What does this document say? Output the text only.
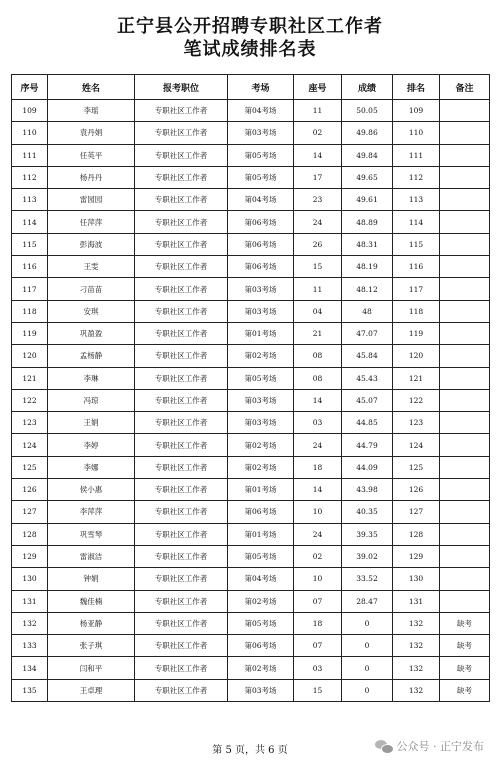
正宁县公开招聘专职社区工作者
笔试成绩排名表
序号	姓名	报考职位	考场	座号	成绩	排名	备注
109	李瑶	专职社区工作者	第04考场	11	50.05	109	
110	袁丹娟	专职社区工作者	第03考场	02	49.86	110	
111	任英平	专职社区工作者	第05考场	14	49.84	111	
112	杨丹丹	专职社区工作者	第05考场	17	49.65	112	
113	雷园园	专职社区工作者	第04考场	23	49.61	113	
114	任萍萍	专职社区工作者	第06考场	24	48.89	114	
115	彭海波	专职社区工作者	第06考场	26	48.31	115	
116	王雯	专职社区工作者	第06考场	15	48.19	116	
117	刁苗苗	专职社区工作者	第03考场	11	48.12	117	
118	安琪	专职社区工作者	第03考场	04	48	118	
119	巩盈盈	专职社区工作者	第01考场	21	47.07	119	
120	孟杨静	专职社区工作者	第02考场	08	45.84	120	
121	李琳	专职社区工作者	第05考场	08	45.43	121	
122	冯琼	专职社区工作者	第03考场	14	45.07	122	
123	王娟	专职社区工作者	第03考场	03	44.85	123	
124	李婷	专职社区工作者	第02考场	24	44.79	124	
125	李娜	专职社区工作者	第02考场	18	44.09	125	
126	侯小惠	专职社区工作者	第01考场	14	43.98	126	
127	李萍萍	专职社区工作者	第06考场	10	40.35	127	
128	巩雪琴	专职社区工作者	第01考场	24	39.35	128	
129	雷淑洁	专职社区工作者	第05考场	02	39.02	129	
130	钟娟	专职社区工作者	第04考场	10	33.52	130	
131	魏佳楠	专职社区工作者	第02考场	07	28.47	131	
132	杨亚静	专职社区工作者	第05考场	18	0	132	缺考
133	张子琪	专职社区工作者	第06考场	07	0	132	缺考
134	闫和平	专职社区工作者	第02考场	03	0	132	缺考
135	王卓理	专职社区工作者	第03考场	15	0	132	缺考
第 5 页，共 6 页	公众号 · 正宁发布
